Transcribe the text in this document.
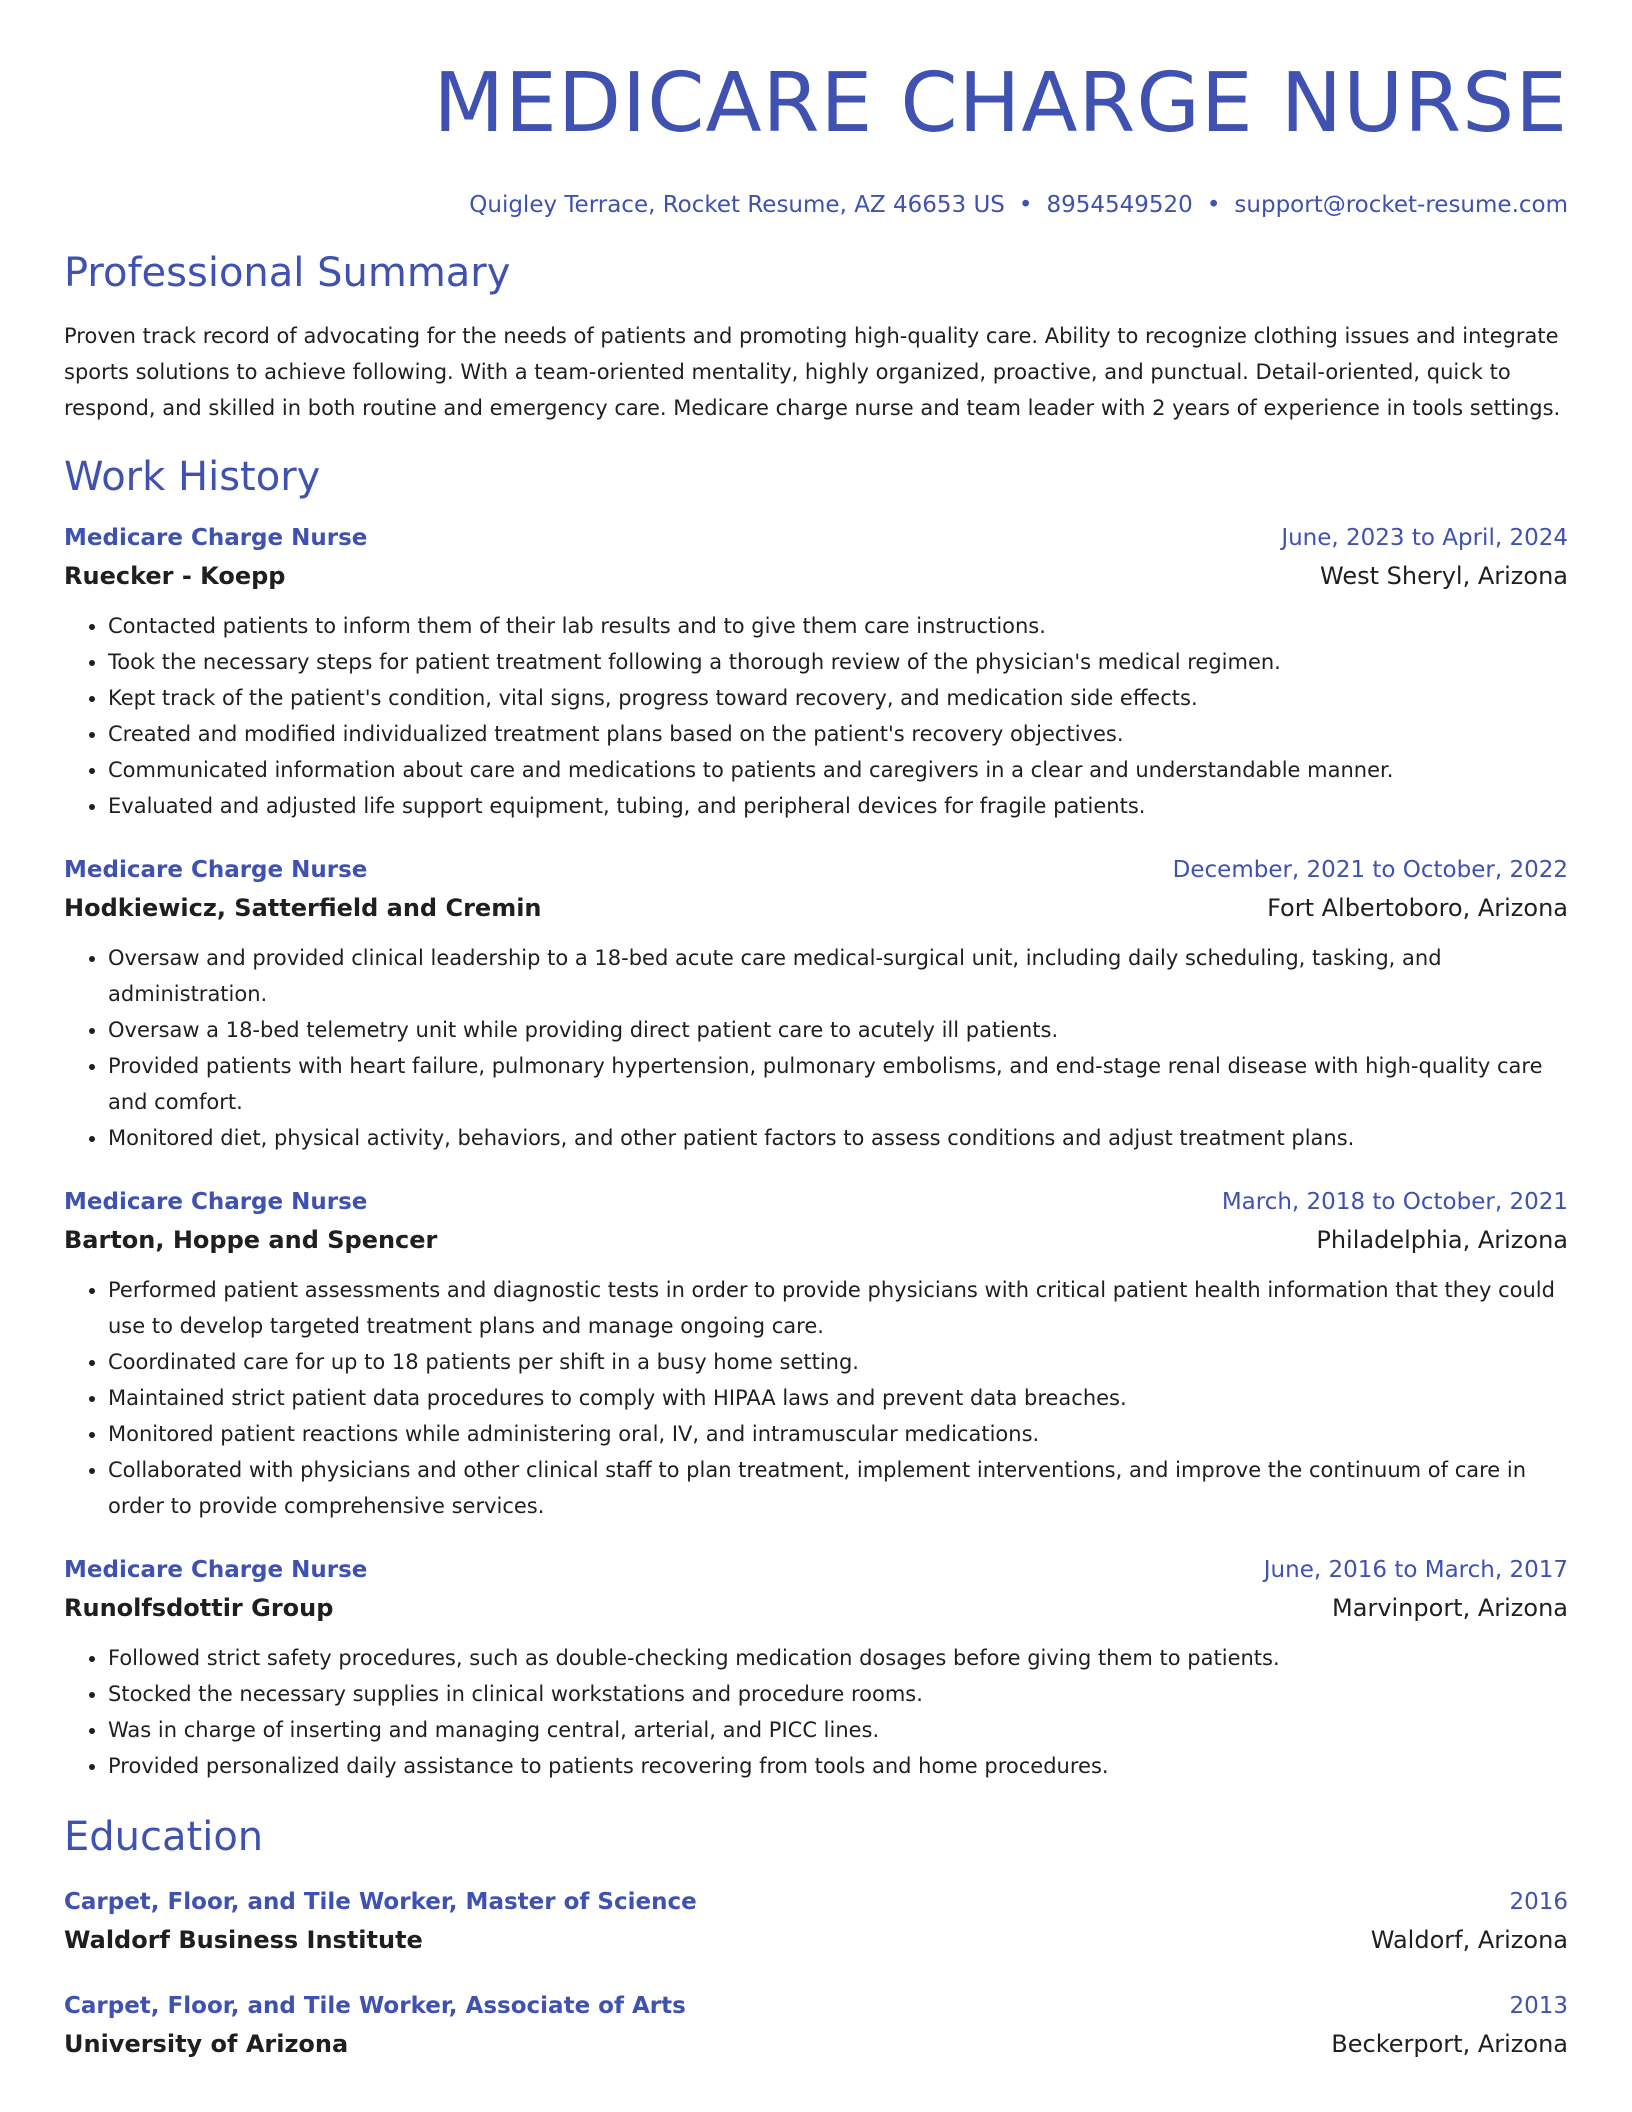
MEDICARE CHARGE NURSE
Quigley Terrace, Rocket Resume, AZ 46653 US • 8954549520 • support@rocket-resume.com
Professional Summary

Proven track record of advocating for the needs of patients and promoting high-quality care. Ability to recognize clothing issues and integrate sports solutions to achieve following. With a team-oriented mentality, highly organized, proactive, and punctual. Detail-oriented, quick to respond, and skilled in both routine and emergency care. Medicare charge nurse and team leader with 2 years of experience in tools settings.

Work History
Medicare Charge Nurse	June, 2023 to April, 2024
Ruecker - Koepp	West Sheryl, Arizona
• Contacted patients to inform them of their lab results and to give them care instructions.
• Took the necessary steps for patient treatment following a thorough review of the physician's medical regimen.
• Kept track of the patient's condition, vital signs, progress toward recovery, and medication side effects.
• Created and modified individualized treatment plans based on the patient's recovery objectives.
• Communicated information about care and medications to patients and caregivers in a clear and understandable manner.
• Evaluated and adjusted life support equipment, tubing, and peripheral devices for fragile patients.
Medicare Charge Nurse	December, 2021 to October, 2022
Hodkiewicz, Satterfield and Cremin	Fort Albertoboro, Arizona
• Oversaw and provided clinical leadership to a 18-bed acute care medical-surgical unit, including daily scheduling, tasking, and administration.
• Oversaw a 18-bed telemetry unit while providing direct patient care to acutely ill patients.
• Provided patients with heart failure, pulmonary hypertension, pulmonary embolisms, and end-stage renal disease with high-quality care and comfort.
• Monitored diet, physical activity, behaviors, and other patient factors to assess conditions and adjust treatment plans.
Medicare Charge Nurse	March, 2018 to October, 2021
Barton, Hoppe and Spencer	Philadelphia, Arizona
• Performed patient assessments and diagnostic tests in order to provide physicians with critical patient health information that they could use to develop targeted treatment plans and manage ongoing care.
• Coordinated care for up to 18 patients per shift in a busy home setting.
• Maintained strict patient data procedures to comply with HIPAA laws and prevent data breaches.
• Monitored patient reactions while administering oral, IV, and intramuscular medications.
• Collaborated with physicians and other clinical staff to plan treatment, implement interventions, and improve the continuum of care in order to provide comprehensive services.
Medicare Charge Nurse	June, 2016 to March, 2017
Runolfsdottir Group	Marvinport, Arizona
• Followed strict safety procedures, such as double-checking medication dosages before giving them to patients.
• Stocked the necessary supplies in clinical workstations and procedure rooms.
• Was in charge of inserting and managing central, arterial, and PICC lines.
• Provided personalized daily assistance to patients recovering from tools and home procedures.
Education
Carpet, Floor, and Tile Worker, Master of Science	2016
Waldorf Business Institute	Waldorf, Arizona
Carpet, Floor, and Tile Worker, Associate of Arts	2013
University of Arizona	Beckerport, Arizona
